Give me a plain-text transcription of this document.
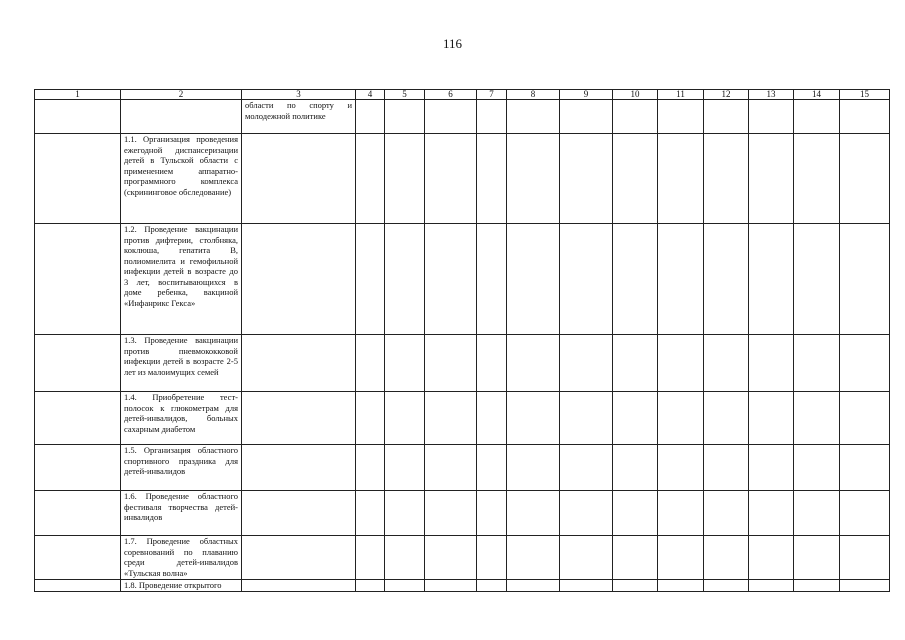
116
1	2	3	4	5	6	7	8	9	10	11	12	13	14	15
		области по спорту и молодежной политике												
	1.1. Организация проведения ежегодной диспансеризации детей в Тульской области с применением аппаратно-программного комплекса (скрининговое обследование)													
	1.2. Проведение вакцинации против дифтерии, столбняка, коклюша, гепатита В, полиомиелита и гемофильной инфекции детей в возрасте до 3 лет, воспитывающихся в доме ребенка, вакциной «Инфанрикс Гекса»													
	1.3. Проведение вакцинации против пневмококковой инфекции детей в возрасте 2-5 лет из малоимущих семей													
	1.4. Приобретение тест-полосок к глюкометрам для детей-инвалидов, больных сахарным диабетом													
	1.5. Организация областного спортивного праздника для детей-инвалидов													
	1.6. Проведение областного фестиваля творчества детей-инвалидов													
	1.7. Проведение областных соревнований по плаванию среди детей-инвалидов «Тульская волна»													
	1.8. Проведение открытого													
